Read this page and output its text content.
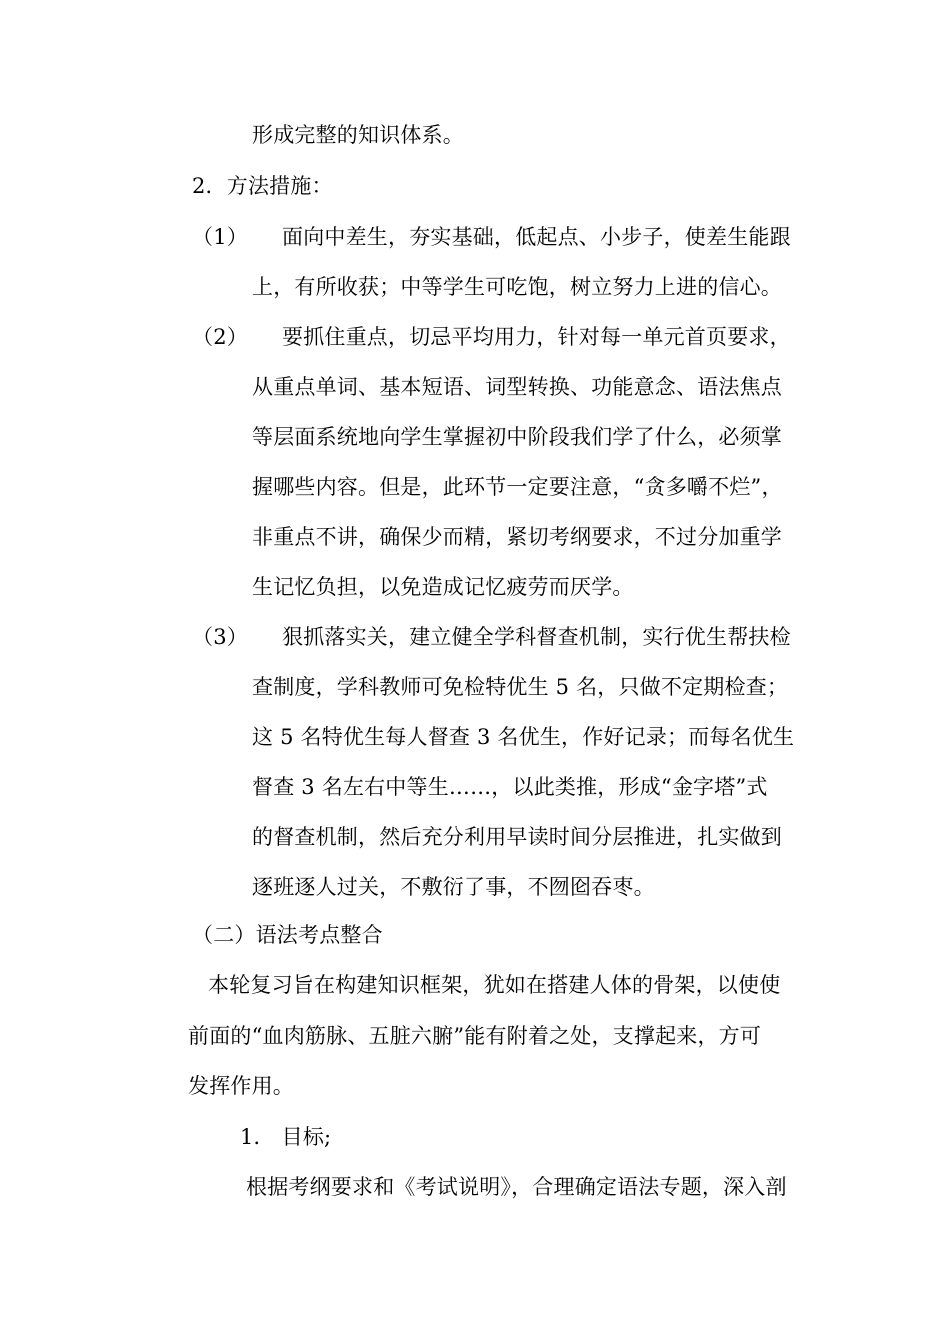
形成完整的知识体系。
2．方法措施：
（1） 面向中差生，夯实基础，低起点、小步子，使差生能跟
上，有所收获；中等学生可吃饱，树立努力上进的信心。
（2） 要抓住重点，切忌平均用力，针对每一单元首页要求，
从重点单词、基本短语、词型转换、功能意念、语法焦点
等层面系统地向学生掌握初中阶段我们学了什么，必须掌
握哪些内容。但是，此环节一定要注意，“贪多嚼不烂”，
非重点不讲，确保少而精，紧切考纲要求，不过分加重学
生记忆负担，以免造成记忆疲劳而厌学。
（3） 狠抓落实关，建立健全学科督查机制，实行优生帮扶检
查制度，学科教师可免检特优生 5 名，只做不定期检查；
这 5 名特优生每人督查 3 名优生，作好记录；而每名优生
督查 3 名左右中等生……，以此类推，形成“金字塔”式
的督查机制，然后充分利用早读时间分层推进，扎实做到
逐班逐人过关，不敷衍了事，不囫囵吞枣。
（二）语法考点整合
本轮复习旨在构建知识框架，犹如在搭建人体的骨架，以使使
前面的“血肉筋脉、五脏六腑”能有附着之处，支撑起来，方可
发挥作用。
1． 目标;
根据考纲要求和《考试说明》，合理确定语法专题，深入剖
